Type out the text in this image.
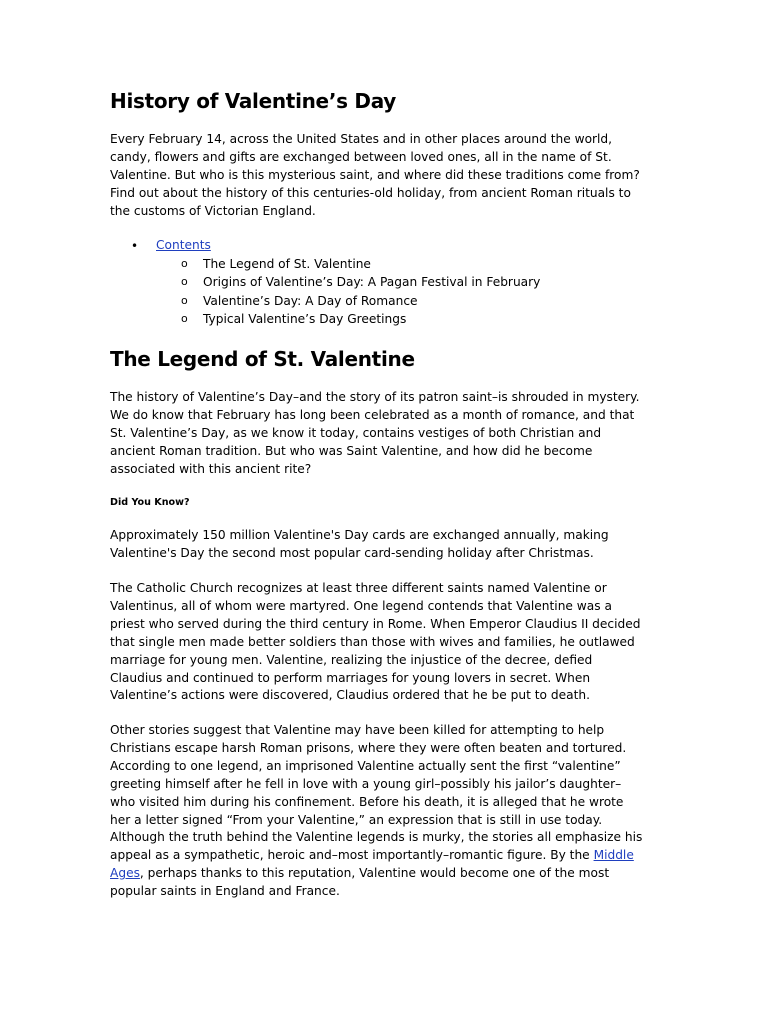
History of Valentine’s Day
Every February 14, across the United States and in other places around the world,
candy, flowers and gifts are exchanged between loved ones, all in the name of St.
Valentine. But who is this mysterious saint, and where did these traditions come from?
Find out about the history of this centuries-old holiday, from ancient Roman rituals to
the customs of Victorian England.
• Contents
o The Legend of St. Valentine
o Origins of Valentine’s Day: A Pagan Festival in February
o Valentine’s Day: A Day of Romance
o Typical Valentine’s Day Greetings
The Legend of St. Valentine
The history of Valentine’s Day–and the story of its patron saint–is shrouded in mystery.
We do know that February has long been celebrated as a month of romance, and that
St. Valentine’s Day, as we know it today, contains vestiges of both Christian and
ancient Roman tradition. But who was Saint Valentine, and how did he become
associated with this ancient rite?
Did You Know?
Approximately 150 million Valentine's Day cards are exchanged annually, making
Valentine's Day the second most popular card-sending holiday after Christmas.
The Catholic Church recognizes at least three different saints named Valentine or
Valentinus, all of whom were martyred. One legend contends that Valentine was a
priest who served during the third century in Rome. When Emperor Claudius II decided
that single men made better soldiers than those with wives and families, he outlawed
marriage for young men. Valentine, realizing the injustice of the decree, defied
Claudius and continued to perform marriages for young lovers in secret. When
Valentine’s actions were discovered, Claudius ordered that he be put to death.
Other stories suggest that Valentine may have been killed for attempting to help
Christians escape harsh Roman prisons, where they were often beaten and tortured.
According to one legend, an imprisoned Valentine actually sent the first “valentine”
greeting himself after he fell in love with a young girl–possibly his jailor’s daughter–
who visited him during his confinement. Before his death, it is alleged that he wrote
her a letter signed “From your Valentine,” an expression that is still in use today.
Although the truth behind the Valentine legends is murky, the stories all emphasize his
appeal as a sympathetic, heroic and–most importantly–romantic figure. By the Middle
Ages, perhaps thanks to this reputation, Valentine would become one of the most
popular saints in England and France.
